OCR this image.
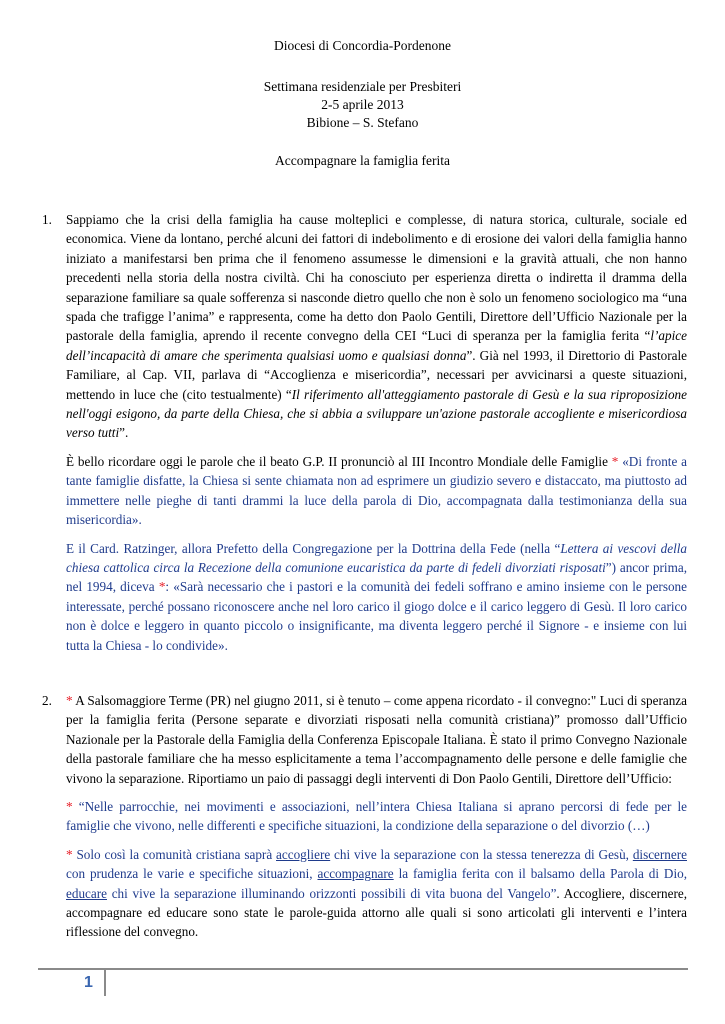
Diocesi di Concordia-Pordenone
Settimana residenziale per Presbiteri
2-5 aprile 2013
Bibione – S. Stefano
Accompagnare la famiglia ferita
1.	Sappiamo che la crisi della famiglia ha cause molteplici e complesse, di natura storica, culturale, sociale ed economica. Viene da lontano, perché alcuni dei fattori di indebolimento e di erosione dei valori della famiglia hanno iniziato a manifestarsi ben prima che il fenomeno assumesse le dimensioni e la gravità attuali, che non hanno precedenti nella storia della nostra civiltà. Chi ha conosciuto per esperienza diretta o indiretta il dramma della separazione familiare sa quale sofferenza si nasconde dietro quello che non è solo un fenomeno sociologico ma “una spada che trafigge l’anima” e rappresenta, come ha detto don Paolo Gentili, Direttore dell’Ufficio Nazionale per la pastorale della famiglia, aprendo il recente convegno della CEI “Luci di speranza per la famiglia ferita “l’apice dell’incapacità di amare che sperimenta qualsiasi uomo e qualsiasi donna”. Già nel 1993, il Direttorio di Pastorale Familiare, al Cap. VII, parlava di “Accoglienza e misericordia”, necessari per avvicinarsi a queste situazioni, mettendo in luce che (cito testualmente) “Il riferimento all'atteggiamento pastorale di Gesù e la sua riproposizione nell'oggi esigono, da parte della Chiesa, che si abbia a sviluppare un'azione pastorale accogliente e misericordiosa verso tutti”.

È bello ricordare oggi le parole che il beato G.P. II pronunciò al III Incontro Mondiale delle Famiglie * «Di fronte a tante famiglie disfatte, la Chiesa si sente chiamata non ad esprimere un giudizio severo e distaccato, ma piuttosto ad immettere nelle pieghe di tanti drammi la luce della parola di Dio, accompagnata dalla testimonianza della sua misericordia».

E il Card. Ratzinger, allora Prefetto della Congregazione per la Dottrina della Fede (nella “Lettera ai vescovi della chiesa cattolica circa la Recezione della comunione eucaristica da parte di fedeli divorziati risposati”) ancor prima, nel 1994, diceva *: «Sarà necessario che i pastori e la comunità dei fedeli soffrano e amino insieme con le persone interessate, perché possano riconoscere anche nel loro carico il giogo dolce e il carico leggero di Gesù. Il loro carico non è dolce e leggero in quanto piccolo o insignificante, ma diventa leggero perché il Signore - e insieme con lui tutta la Chiesa - lo condivide».

2.	* A Salsomaggiore Terme (PR) nel giugno 2011, si è tenuto – come appena ricordato - il convegno:" Luci di speranza per la famiglia ferita (Persone separate e divorziati risposati nella comunità cristiana)” promosso dall’Ufficio Nazionale per la Pastorale della Famiglia della Conferenza Episcopale Italiana. È stato il primo Convegno Nazionale della pastorale familiare che ha messo esplicitamente a tema l’accompagnamento delle persone e delle famiglie che vivono la separazione. Riportiamo un paio di passaggi degli interventi di Don Paolo Gentili, Direttore dell’Ufficio:

* “Nelle parrocchie, nei movimenti e associazioni, nell’intera Chiesa Italiana si aprano percorsi di fede per le famiglie che vivono, nelle differenti e specifiche situazioni, la condizione della separazione o del divorzio (…)

* Solo così la comunità cristiana saprà accogliere chi vive la separazione con la stessa tenerezza di Gesù, discernere con prudenza le varie e specifiche situazioni, accompagnare la famiglia ferita con il balsamo della Parola di Dio, educare chi vive la separazione illuminando orizzonti possibili di vita buona del Vangelo”. Accogliere, discernere, accompagnare ed educare sono state le parole-guida attorno alle quali si sono articolati gli interventi e l’intera riflessione del convegno.

1
